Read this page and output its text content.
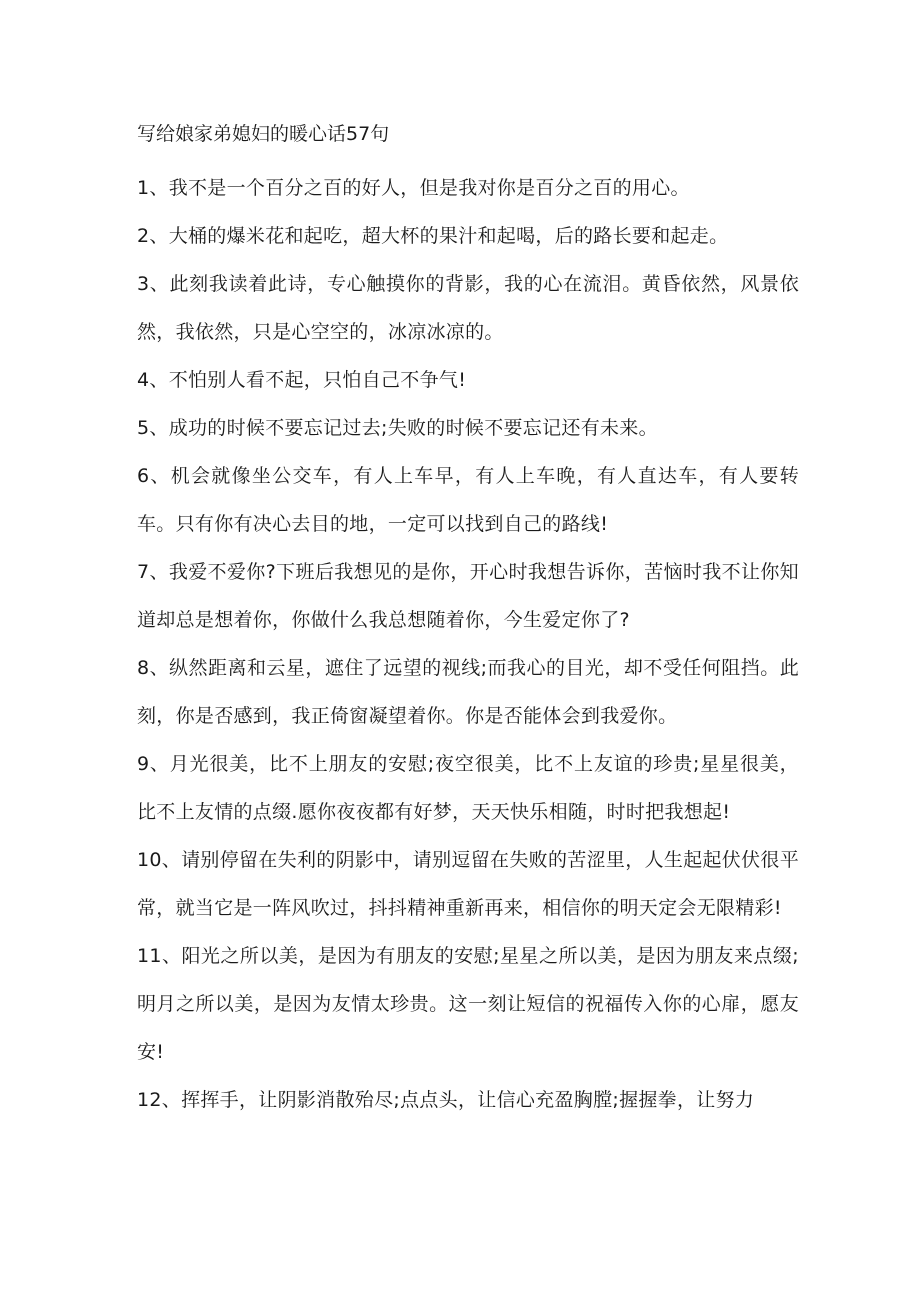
写给娘家弟媳妇的暖心话57句

1、我不是一个百分之百的好人，但是我对你是百分之百的用心。

2、大桶的爆米花和起吃，超大杯的果汁和起喝，后的路长要和起走。

3、此刻我读着此诗，专心触摸你的背影，我的心在流泪。黄昏依然，风景依然，我依然，只是心空空的，冰凉冰凉的。

4、不怕别人看不起，只怕自己不争气!

5、成功的时候不要忘记过去;失败的时候不要忘记还有未来。

6、机会就像坐公交车，有人上车早，有人上车晚，有人直达车，有人要转车。只有你有决心去目的地，一定可以找到自己的路线!

7、我爱不爱你?下班后我想见的是你，开心时我想告诉你，苦恼时我不让你知道却总是想着你，你做什么我总想随着你，今生爱定你了?

8、纵然距离和云星，遮住了远望的视线;而我心的目光，却不受任何阻挡。此刻，你是否感到，我正倚窗凝望着你。你是否能体会到我爱你。

9、月光很美，比不上朋友的安慰;夜空很美，比不上友谊的珍贵;星星很美，比不上友情的点缀.愿你夜夜都有好梦，天天快乐相随，时时把我想起!

10、请别停留在失利的阴影中，请别逗留在失败的苦涩里，人生起起伏伏很平常，就当它是一阵风吹过，抖抖精神重新再来，相信你的明天定会无限精彩!

11、阳光之所以美，是因为有朋友的安慰;星星之所以美，是因为朋友来点缀;明月之所以美，是因为友情太珍贵。这一刻让短信的祝福传入你的心扉，愿友安!

12、挥挥手，让阴影消散殆尽;点点头，让信心充盈胸膛;握握拳，让努力
